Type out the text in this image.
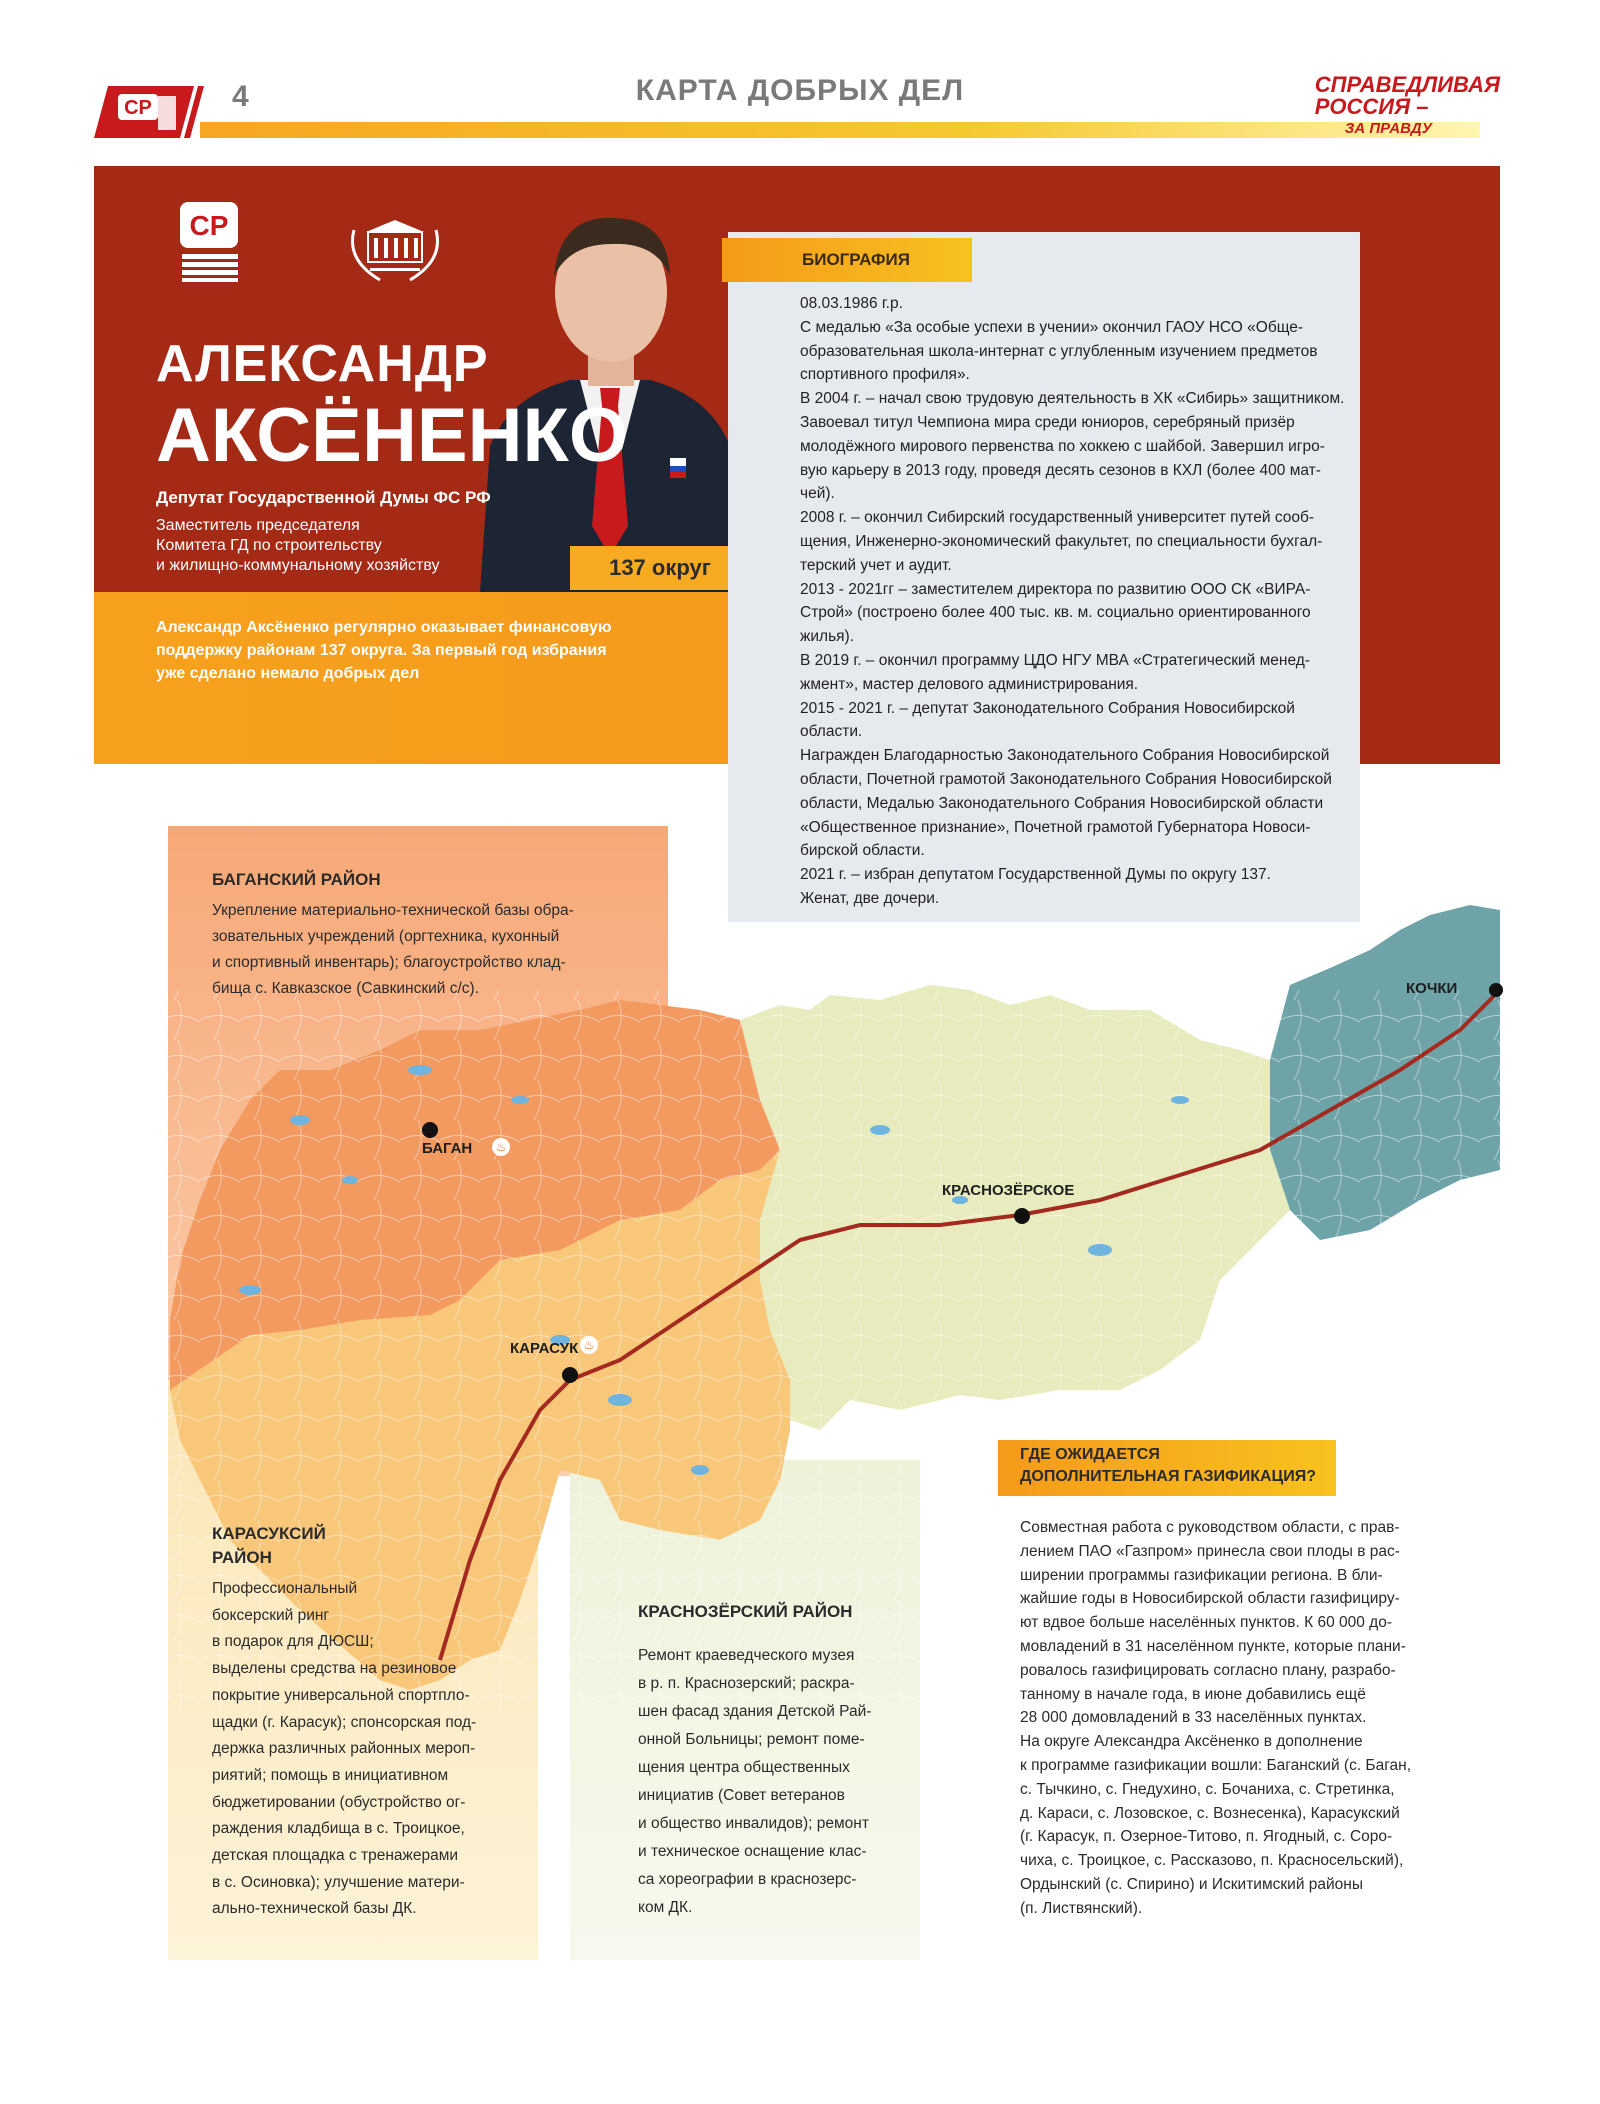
СР	4	КАРТА ДОБРЫХ ДЕЛ	СПРАВЕДЛИВАЯ
РОССИЯ –
ЗА ПРАВДУ
СР
АЛЕКСАНДР
АКСЁНЕНКО
Депутат Государственной Думы ФС РФ
Заместитель председателя
Комитета ГД по строительству
и жилищно-коммунальному хозяйству	137 округ
Александр Аксёненко регулярно оказывает финансовую
поддержку районам 137 округа. За первый год избрания
уже сделано немало добрых дел
БИОГРАФИЯ
08.03.1986 г.р.
С медалью «За особые успехи в учении» окончил ГАОУ НСО «Обще-
образовательная школа-интернат с углубленным изучением предметов
спортивного профиля».
В 2004 г. – начал свою трудовую деятельность в ХК «Сибирь» защитником.
Завоевал титул Чемпиона мира среди юниоров, серебряный призёр
молодёжного мирового первенства по хоккею с шайбой. Завершил игро-
вую карьеру в 2013 году, проведя десять сезонов в КХЛ (более 400 мат-
чей).
2008 г. – окончил Сибирский государственный университет путей сооб-
щения, Инженерно-экономический факультет, по специальности бухгал-
терский учет и аудит.
2013 - 2021гг – заместителем директора по развитию ООО СК «ВИРА-
Строй» (построено более 400 тыс. кв. м. социально ориентированного
жилья).
В 2019 г. – окончил программу ЦДО НГУ МВА «Стратегический менед-
жмент», мастер делового администрирования.
2015 - 2021 г. – депутат Законодательного Собрания Новосибирской
области.
Награжден Благодарностью Законодательного Собрания Новосибирской
области, Почетной грамотой Законодательного Собрания Новосибирской
области, Медалью Законодательного Собрания Новосибирской области
«Общественное признание», Почетной грамотой Губернатора Новоси-
бирской области.
2021 г. – избран депутатом Государственной Думы по округу 137.
Женат, две дочери.
БАГАН	♨
КАРАСУК ♨
КРАСНОЗЁРСКОЕ
КОЧКИ
БАГАНСКИЙ РАЙОН
Укрепление материально-технической базы обра-
зовательных учреждений (оргтехника, кухонный
и спортивный инвентарь); благоустройство клад-
бища с. Кавказское (Савкинский с/с).
КАРАСУКСИЙ
РАЙОН
Профессиональный
боксерский ринг
в подарок для ДЮСШ;
выделены средства на резиновое
покрытие универсальной спортпло-
щадки (г. Карасук); спонсорская под-
держка различных районных мероп-
риятий; помощь в инициативном
бюджетировании (обустройство ог-
раждения кладбища в с. Троицкое,
детская площадка с тренажерами
в с. Осиновка); улучшение матери-
ально-технической базы ДК.
КРАСНОЗЁРСКИЙ РАЙОН
Ремонт краеведческого музея
в р. п. Краснозерский; раскра-
шен фасад здания Детской Рай-
онной Больницы; ремонт поме-
щения центра общественных
инициатив (Совет ветеранов
и общество инвалидов); ремонт
и техническое оснащение клас-
са хореографии в краснозерс-
ком ДК.
ГДЕ ОЖИДАЕТСЯ
ДОПОЛНИТЕЛЬНАЯ ГАЗИФИКАЦИЯ?
Совместная работа с руководством области, с прав-
лением ПАО «Газпром» принесла свои плоды в рас-
ширении программы газификации региона. В бли-
жайшие годы в Новосибирской области газифициру-
ют вдвое больше населённых пунктов. К 60 000 до-
мовладений в 31 населённом пункте, которые плани-
ровалось газифицировать согласно плану, разрабо-
танному в начале года, в июне добавились ещё
28 000 домовладений в 33 населённых пунктах.
На округе Александра Аксёненко в дополнение
к программе газификации вошли: Баганский (с. Баган,
с. Тычкино, с. Гнедухино, с. Бочаниха, с. Стретинка,
д. Караси, с. Лозовское, с. Вознесенка), Карасукский
(г. Карасук, п. Озерное-Титово, п. Ягодный, с. Соро-
чиха, с. Троицкое, с. Рассказово, п. Красносельский),
Ордынский (с. Спирино) и Искитимский районы
(п. Листвянский).
